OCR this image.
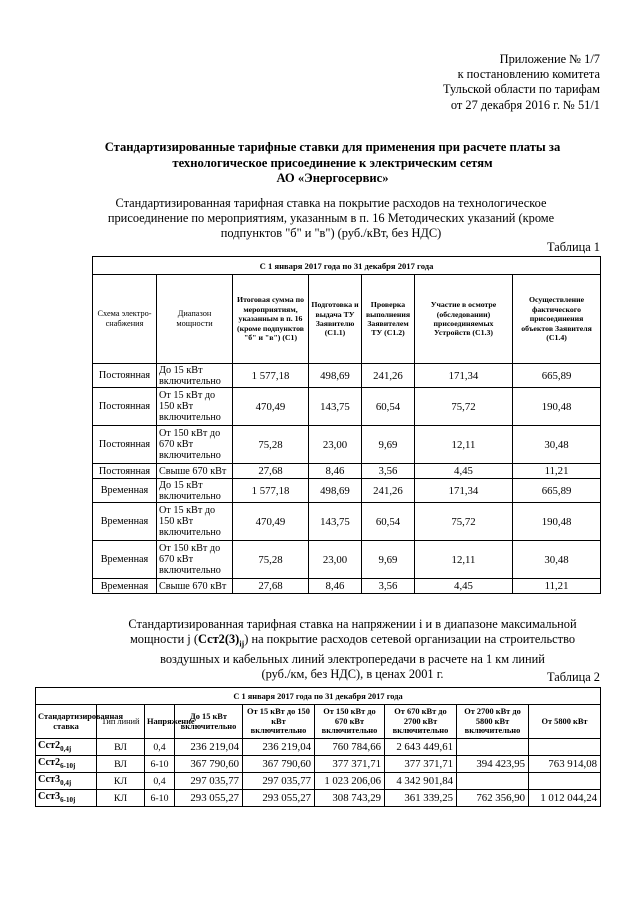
Приложение № 1/7
к постановлению комитета
Тульской области по тарифам
от 27 декабря 2016 г. № 51/1
Стандартизированные тарифные ставки для применения при расчете платы за
технологическое присоединение к электрическим сетям
АО «Энергосервис»
Стандартизированная тарифная ставка на покрытие расходов на технологическое
присоединение по мероприятиям, указанным в п. 16 Методических указаний (кроме
подпунктов "б" и "в") (руб./кВт, без НДС)
Таблица 1
С 1 января 2017 года по 31 декабря 2017 года						
Схема электро-снабжения	Диапазон мощности	Итоговая сумма по мероприятиям, указанным в п. 16 (кроме подпунктов "б" и "в") (С1)	Подготовка и выдача ТУ Заявителю (С1.1)	Проверка выполнения Заявителем ТУ (С1.2)	Участие в осмотре (обследовании) присоединяемых Устройств (С1.3)	Осуществление фактического присоединения объектов Заявителя (С1.4)
Постоянная	До 15 кВт включительно	1 577,18	498,69	241,26	171,34	665,89
Постоянная	От 15 кВт до 150 кВт включительно	470,49	143,75	60,54	75,72	190,48
Постоянная	От 150 кВт до 670 кВт включительно	75,28	23,00	9,69	12,11	30,48
Постоянная	Свыше 670 кВт	27,68	8,46	3,56	4,45	11,21
Временная	До 15 кВт включительно	1 577,18	498,69	241,26	171,34	665,89
Временная	От 15 кВт до 150 кВт включительно	470,49	143,75	60,54	75,72	190,48
Временная	От 150 кВт до 670 кВт включительно	75,28	23,00	9,69	12,11	30,48
Временная	Свыше 670 кВт	27,68	8,46	3,56	4,45	11,21
Стандартизированная тарифная ставка на напряжении i и в диапазоне максимальной
мощности j $(Сст2(3)_{ij})$ на покрытие расходов сетевой организации на строительство
воздушных и кабельных линий электропередачи в расчете на 1 км линий
(руб./км, без НДС), в ценах 2001 г.	Таблица 2
С 1 января 2017 года по 31 декабря 2017 года								
Стандартизированная ставка	Тип линий	Напряжение	До 15 кВт включительно	От 15 кВт до 150 кВт включительно	От 150 кВт до 670 кВт включительно	От 670 кВт до 2700 кВт включительно	От 2700 кВт до 5800 кВт включительно	От 5800 кВт
$Сст2_{0,4j}$	ВЛ	0,4	236 219,04	236 219,04	760 784,66	2 643 449,61		
$Сст2_{6-10j}$	ВЛ	6-10	367 790,60	367 790,60	377 371,71	377 371,71	394 423,95	763 914,08
$Сст3_{0,4j}$	КЛ	0,4	297 035,77	297 035,77	1 023 206,06	4 342 901,84		
$Сст3_{6-10j}$	КЛ	6-10	293 055,27	293 055,27	308 743,29	361 339,25	762 356,90	1 012 044,24
